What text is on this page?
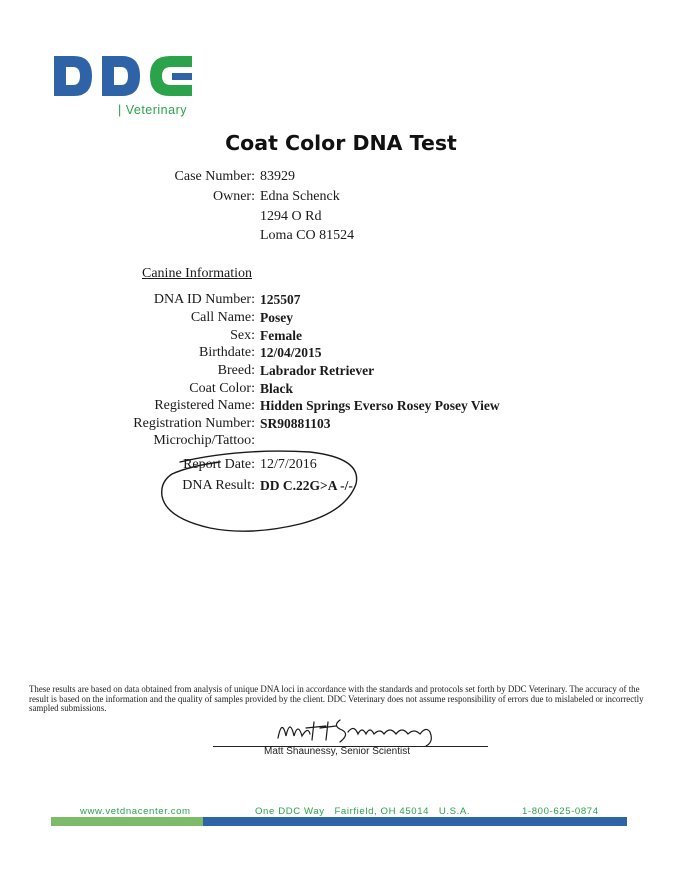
| Veterinary
Coat Color DNA Test
Case Number: 83929
Owner: Edna Schenck
1294 O Rd
Loma CO 81524
Canine Information
DNA ID Number: 125507
Call Name: Posey
Sex: Female
Birthdate: 12/04/2015
Breed: Labrador Retriever
Coat Color: Black
Registered Name: Hidden Springs Everso Rosey Posey View
Registration Number: SR90881103
Microchip/Tattoo:
Report Date: 12/7/2016
DNA Result: DD C.22G>A -/-
These results are based on data obtained from analysis of unique DNA loci in accordance with the standards and protocols set forth by DDC Veterinary. The accuracy of the result is based on the information and the quality of samples provided by the client. DDC Veterinary does not assume responsibility of errors due to mislabeled or incorrectly sampled submissions.
Matt Shaunessy, Senior Scientist
www.vetdnacenter.com	One DDC Way   Fairfield, OH 45014   U.S.A.	1-800-625-0874
